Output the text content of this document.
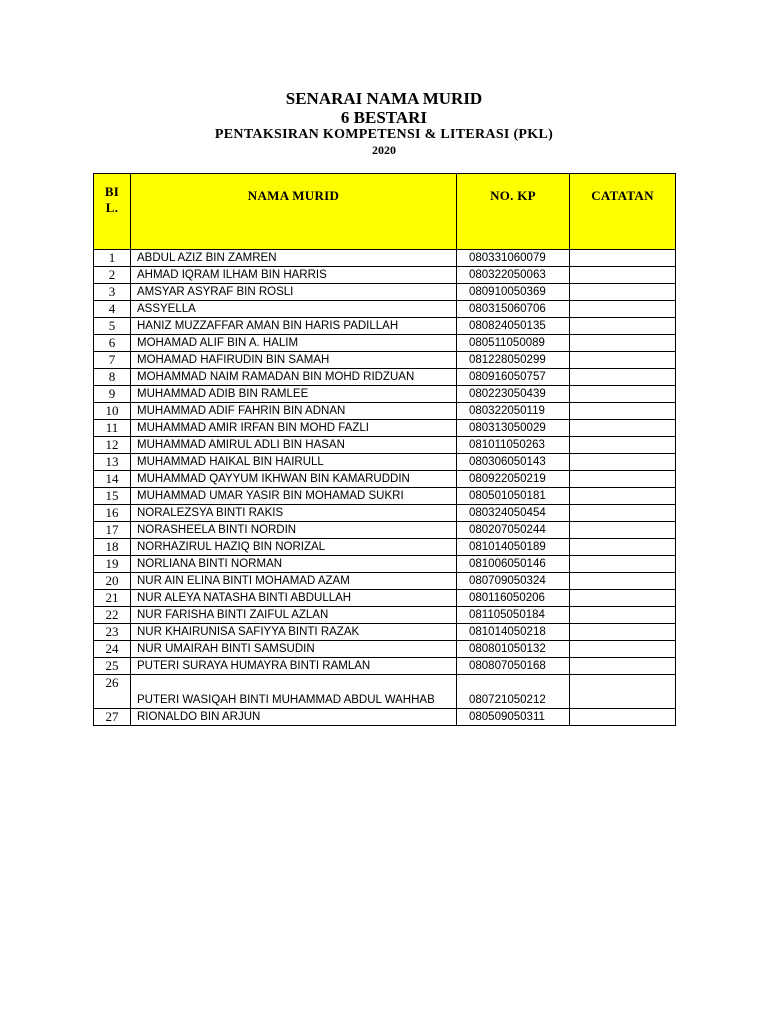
SENARAI NAMA MURID
6 BESTARI
PENTAKSIRAN KOMPETENSI & LITERASI (PKL)
2020
BI
L.	NAMA MURID	NO. KP	CATATAN
1	ABDUL AZIZ BIN ZAMREN	080331060079	
2	AHMAD IQRAM ILHAM BIN HARRIS	080322050063	
3	AMSYAR ASYRAF BIN ROSLI	080910050369	
4	ASSYELLA	080315060706	
5	HANIZ MUZZAFFAR AMAN BIN HARIS PADILLAH	080824050135	
6	MOHAMAD ALIF BIN A. HALIM	080511050089	
7	MOHAMAD HAFIRUDIN BIN SAMAH	081228050299	
8	MOHAMMAD NAIM RAMADAN BIN MOHD RIDZUAN	080916050757	
9	MUHAMMAD ADIB BIN RAMLEE	080223050439	
10	MUHAMMAD ADIF FAHRIN BIN ADNAN	080322050119	
11	MUHAMMAD AMIR IRFAN BIN MOHD FAZLI	080313050029	
12	MUHAMMAD AMIRUL ADLI BIN HASAN	081011050263	
13	MUHAMMAD HAIKAL BIN HAIRULL	080306050143	
14	MUHAMMAD QAYYUM IKHWAN BIN KAMARUDDIN	080922050219	
15	MUHAMMAD UMAR YASIR BIN MOHAMAD SUKRI	080501050181	
16	NORALEZSYA BINTI RAKIS	080324050454	
17	NORASHEELA BINTI NORDIN	080207050244	
18	NORHAZIRUL HAZIQ BIN NORIZAL	081014050189	
19	NORLIANA BINTI NORMAN	081006050146	
20	NUR AIN ELINA BINTI MOHAMAD AZAM	080709050324	
21	NUR ALEYA NATASHA BINTI ABDULLAH	080116050206	
22	NUR FARISHA BINTI ZAIFUL AZLAN	081105050184	
23	NUR KHAIRUNISA SAFIYYA BINTI RAZAK	081014050218	
24	NUR UMAIRAH BINTI SAMSUDIN	080801050132	
25	PUTERI SURAYA HUMAYRA BINTI RAMLAN	080807050168	
26	PUTERI WASIQAH BINTI MUHAMMAD ABDUL WAHHAB	080721050212	
27	RIONALDO BIN ARJUN	080509050311	
